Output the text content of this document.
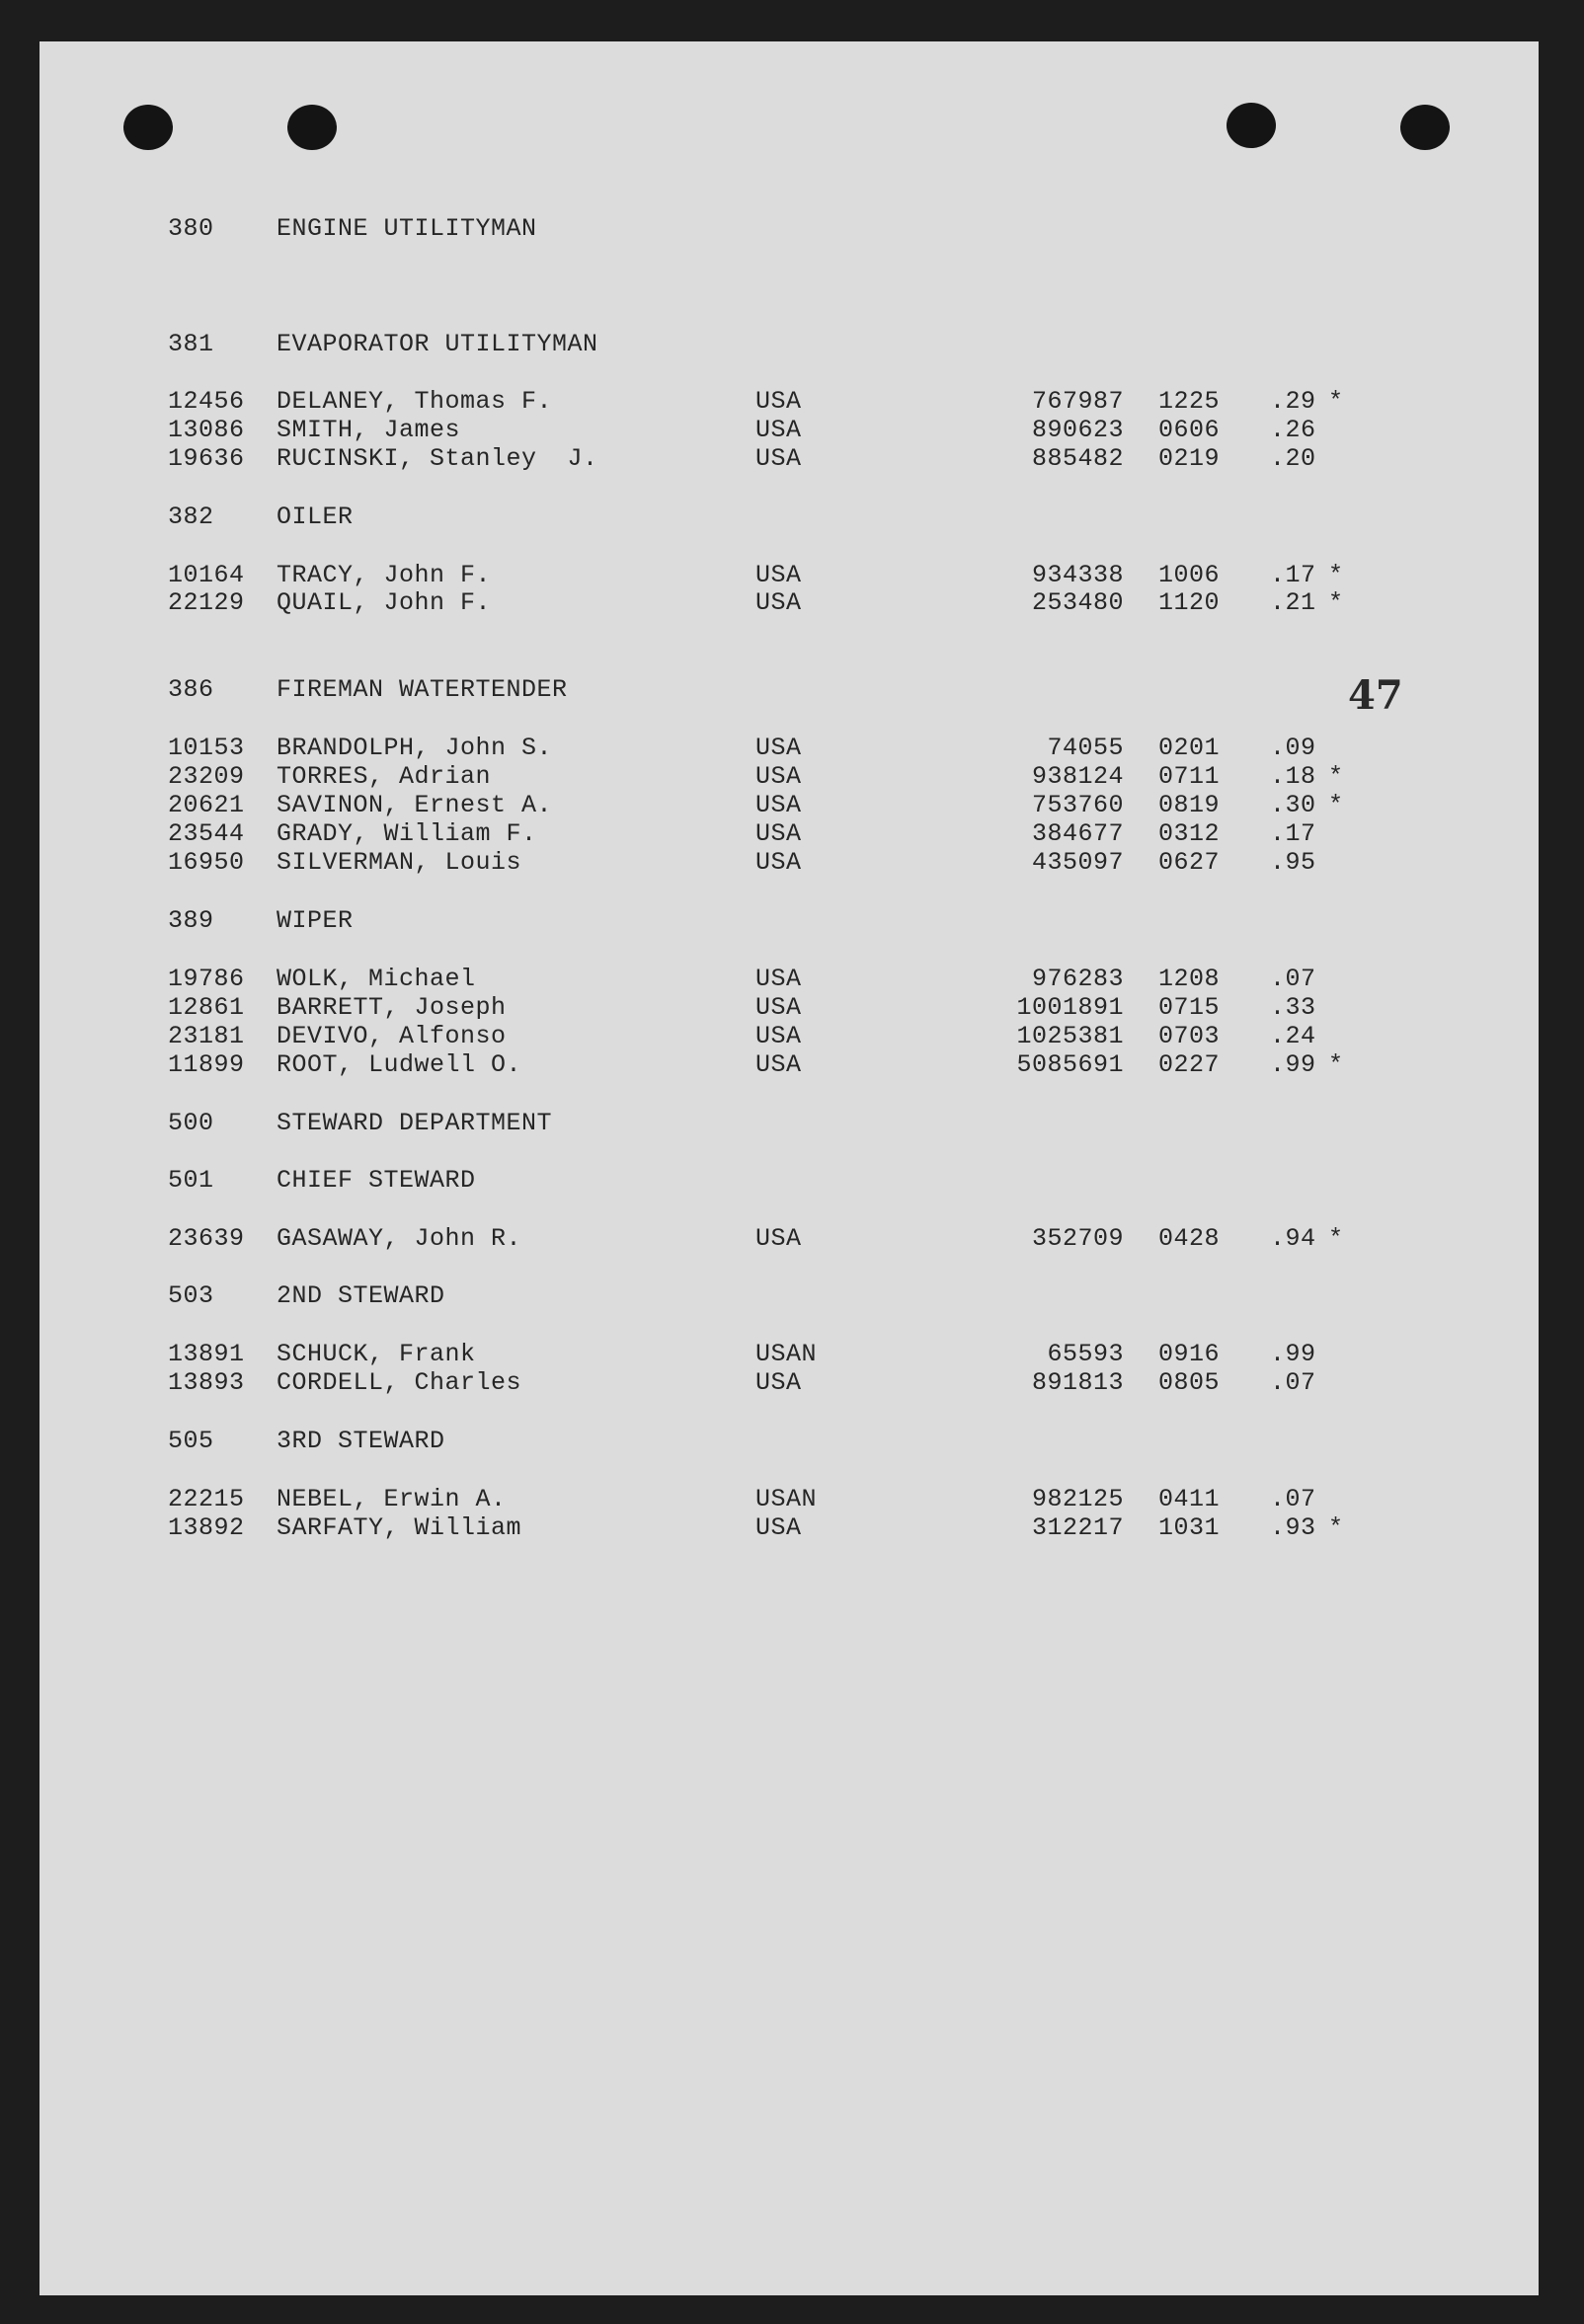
47
380	ENGINE UTILITYMAN
381	EVAPORATOR UTILITYMAN
12456 DELANEY, Thomas F.	USA	767987 1225 .29 *
13086 SMITH, James	USA	890623 0606 .26
19636 RUCINSKI, Stanley  J.	USA	885482 0219 .20
382	OILER
10164 TRACY, John F.	USA	934338 1006 .17 *
22129 QUAIL, John F.	USA	253480 1120 .21 *
386	FIREMAN WATERTENDER
10153 BRANDOLPH, John S.	USA	74055 0201 .09
23209 TORRES, Adrian	USA	938124 0711 .18 *
20621 SAVINON, Ernest A.	USA	753760 0819 .30 *
23544 GRADY, William F.	USA	384677 0312 .17
16950 SILVERMAN, Louis	USA	435097 0627 .95
389	WIPER
19786 WOLK, Michael	USA	976283 1208 .07
12861 BARRETT, Joseph	USA	1001891 0715 .33
23181 DEVIVO, Alfonso	USA	1025381 0703 .24
11899 ROOT, Ludwell O.	USA	5085691 0227 .99 *
500	STEWARD DEPARTMENT
501	CHIEF STEWARD
23639 GASAWAY, John R.	USA	352709 0428 .94 *
503	2ND STEWARD
13891 SCHUCK, Frank	USAN	65593 0916 .99
13893 CORDELL, Charles	USA	891813 0805 .07
505	3RD STEWARD
22215 NEBEL, Erwin A.	USAN	982125 0411 .07
13892 SARFATY, William	USA	312217 1031 .93 *
